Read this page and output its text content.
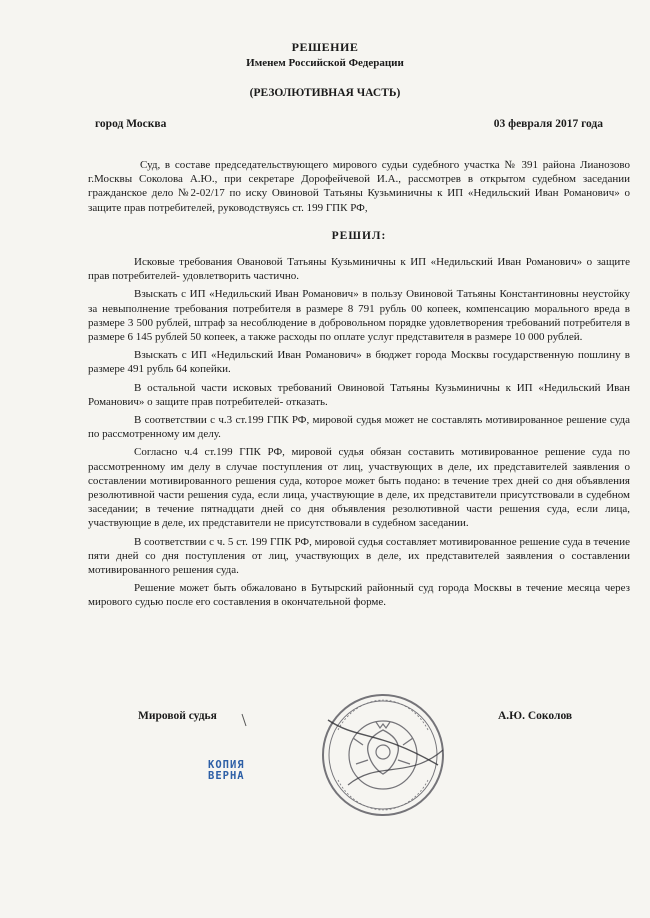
РЕШЕНИЕ
Именем Российской Федерации
(РЕЗОЛЮТИВНАЯ ЧАСТЬ)
город Москва	03 февраля 2017 года

Суд, в составе председательствующего мирового судьи судебного участка № 391 района Лианозово г.Москвы Соколова А.Ю., при секретаре Дорофейчевой И.А., рассмотрев в открытом судебном заседании гражданское дело №2-02/17 по иску Овиновой Татьяны Кузьминичны к ИП «Недильский Иван Романович» о защите прав потребителей, руководствуясь ст. 199 ГПК РФ,

РЕШИЛ:

Исковые требования Овановой Татьяны Кузьминичны к ИП «Недильский Иван Романович» о защите прав потребителей- удовлетворить частично.

Взыскать с ИП «Недильский Иван Романович» в пользу Овиновой Татьяны Константиновны неустойку за невыполнение требования потребителя в размере 8 791 рубль 00 копеек, компенсацию морального вреда в размере 3 500 рублей, штраф за несоблюдение в добровольном порядке удовлетворения требований потребителя в размере 6 145 рублей 50 копеек, а также расходы по оплате услуг представителя в размере 10 000 рублей.

Взыскать с ИП «Недильский Иван Романович» в бюджет города Москвы государственную пошлину в размере 491 рубль 64 копейки.

В остальной части исковых требований Овиновой Татьяны Кузьминичны к ИП «Недильский Иван Романович» о защите прав потребителей- отказать.

В соответствии с ч.3 ст.199 ГПК РФ, мировой судья может не составлять мотивированное решение суда по рассмотренному им делу.

Согласно ч.4 ст.199 ГПК РФ, мировой судья обязан составить мотивированное решение суда по рассмотренному им делу в случае поступления от лиц, участвующих в деле, их представителей заявления о составлении мотивированного решения суда, которое может быть подано: в течение трех дней со дня объявления резолютивной части решения суда, если лица, участвующие в деле, их представители присутствовали в судебном заседании; в течение пятнадцати дней со дня объявления резолютивной части решения суда, если лица, участвующие в деле, их представители не присутствовали в судебном заседании.

В соответствии с ч. 5 ст. 199 ГПК РФ, мировой судья составляет мотивированное решение суда в течение пяти дней со дня поступления от лиц, участвующих в деле, их представителей заявления о составлении мотивированного решения суда.

Решение может быть обжаловано в Бутырский районный суд города Москвы в течение месяца через мирового судью после его составления в окончательной форме.

Мировой судья	А.Ю. Соколов
КОПИЯ
ВЕРНА
